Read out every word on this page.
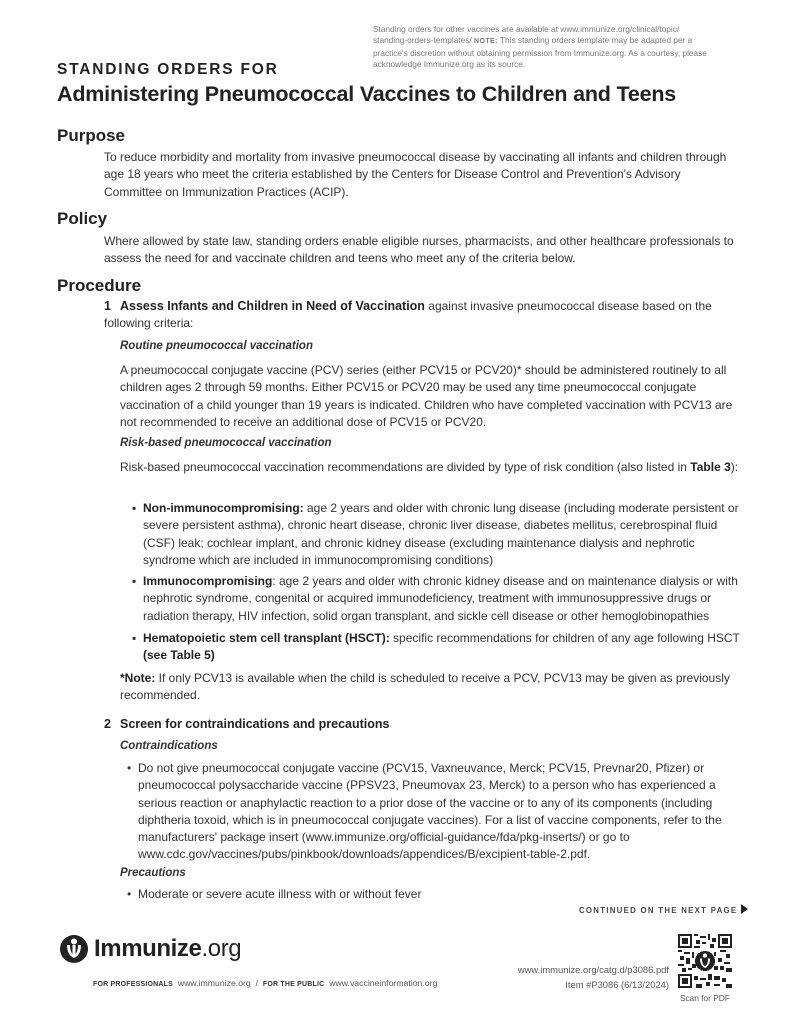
Standing orders for other vaccines are available at www.immunize.org/clinical/topic/
standing-orders-templates/ NOTE: This standing orders template may be adapted per a
practice's discretion without obtaining permission from Immunize.org. As a courtesy, please
acknowledge Immunize.org as its source.
STANDING ORDERS FOR
Administering Pneumococcal Vaccines to Children and Teens
Purpose

To reduce morbidity and mortality from invasive pneumococcal disease by vaccinating all infants and children through age 18 years who meet the criteria established by the Centers for Disease Control and Prevention's Advisory Committee on Immunization Practices (ACIP).

Policy

Where allowed by state law, standing orders enable eligible nurses, pharmacists, and other healthcare professionals to assess the need for and vaccinate children and teens who meet any of the criteria below.

Procedure
1 Assess Infants and Children in Need of Vaccination against invasive pneumococcal disease based on the following criteria:
Routine pneumococcal vaccination

A pneumococcal conjugate vaccine (PCV) series (either PCV15 or PCV20)* should be administered routinely to all children ages 2 through 59 months. Either PCV15 or PCV20 may be used any time pneumococcal conjugate vaccination of a child younger than 19 years is indicated. Children who have completed vaccination with PCV13 are not recommended to receive an additional dose of PCV15 or PCV20.

Risk-based pneumococcal vaccination

Risk-based pneumococcal vaccination recommendations are divided by type of risk condition (also listed in Table 3):

▪ Non-immunocompromising: age 2 years and older with chronic lung disease (including moderate persistent or severe persistent asthma), chronic heart disease, chronic liver disease, diabetes mellitus, cerebrospinal fluid (CSF) leak; cochlear implant, and chronic kidney disease (excluding maintenance dialysis and nephrotic syndrome which are included in immunocompromising conditions)
▪ Immunocompromising: age 2 years and older with chronic kidney disease and on maintenance dialysis or with nephrotic syndrome, congenital or acquired immunodeficiency, treatment with immunosuppressive drugs or radiation therapy, HIV infection, solid organ transplant, and sickle cell disease or other hemoglobinopathies
▪ Hematopoietic stem cell transplant (HSCT): specific recommendations for children of any age following HSCT (see Table 5)

*Note: If only PCV13 is available when the child is scheduled to receive a PCV, PCV13 may be given as previously recommended.

2 Screen for contraindications and precautions
Contraindications
• Do not give pneumococcal conjugate vaccine (PCV15, Vaxneuvance, Merck; PCV15, Prevnar20, Pfizer) or pneumococcal polysaccharide vaccine (PPSV23, Pneumovax 23, Merck) to a person who has experienced a serious reaction or anaphylactic reaction to a prior dose of the vaccine or to any of its components (including diphtheria toxoid, which is in pneumococcal conjugate vaccines). For a list of vaccine components, refer to the manufacturers' package insert (www.immunize.org/official-guidance/fda/pkg-inserts/) or go to www.cdc.gov/vaccines/pubs/pinkbook/downloads/appendices/B/excipient-table-2.pdf.
Precautions
• Moderate or severe acute illness with or without fever
CONTINUED ON THE NEXT PAGE
Immunize.org
FOR PROFESSIONALS www.immunize.org / FOR THE PUBLIC www.vaccineinformation.org
www.immunize.org/catg.d/p3086.pdf
Item #P3086 (6/13/2024)
Scan for PDF
